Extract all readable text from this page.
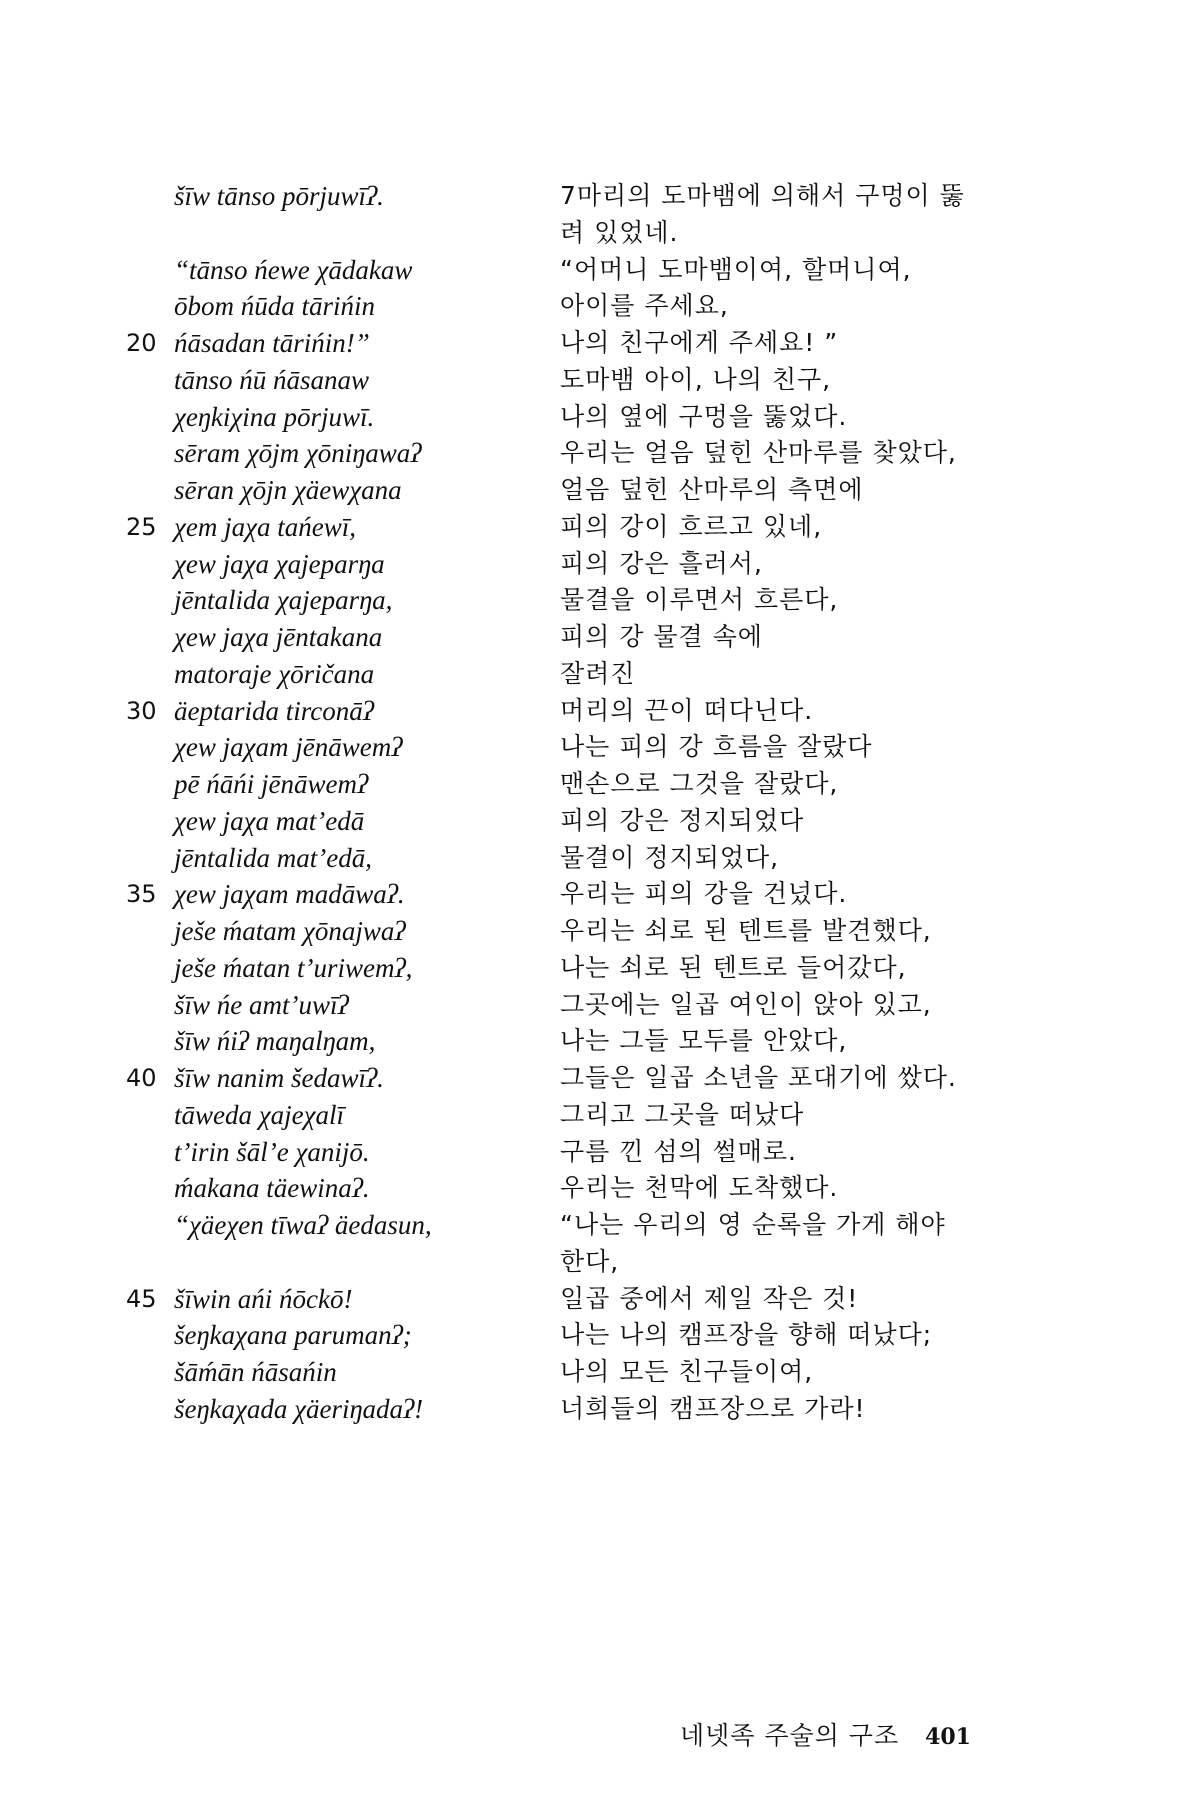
šīw tānso pōrjuwīʔ.	7마리의 도마뱀에 의해서 구멍이 뚫
려 있었네.
“tānso ńewe χādakaw	“어머니 도마뱀이여, 할머니여,
ōbom ńūda tārińin	아이를 주세요,
20 ńāsadan tārińin!”	나의 친구에게 주세요! ”
tānso ńū ńāsanaw	도마뱀 아이, 나의 친구,
χeŋkiχina pōrjuwī.	나의 옆에 구멍을 뚫었다.
sēram χōjm χōniŋawaʔ	우리는 얼음 덮힌 산마루를 찾았다,
sēran χōjn χäewχana	얼음 덮힌 산마루의 측면에
25 χem jaχa tańewī,	피의 강이 흐르고 있네,
χew jaχa χajeparŋa	피의 강은 흘러서,
jēntalida χajeparŋa,	물결을 이루면서 흐른다,
χew jaχa jēntakana	피의 강 물결 속에
matoraje χōričana	잘려진
30 äeptarida tirconāʔ	머리의 끈이 떠다닌다.
χew jaχam jēnāwemʔ	나는 피의 강 흐름을 잘랐다
pē ńāńi jēnāwemʔ	맨손으로 그것을 잘랐다,
χew jaχa mat’edā	피의 강은 정지되었다
jēntalida mat’edā,	물결이 정지되었다,
35 χew jaχam madāwaʔ.	우리는 피의 강을 건넜다.
ješe ḿatam χōnajwaʔ	우리는 쇠로 된 텐트를 발견했다,
ješe ḿatan t’uriwemʔ,	나는 쇠로 된 텐트로 들어갔다,
šīw ńe amt’uwīʔ	그곳에는 일곱 여인이 앉아 있고,
šīw ńiʔ maŋalŋam,	나는 그들 모두를 안았다,
40 šīw nanim šedawīʔ.	그들은 일곱 소년을 포대기에 쌌다.
tāweda χajeχalī	그리고 그곳을 떠났다
t’irin šāl’e χanijō.	구름 낀 섬의 썰매로.
ḿakana täewinaʔ.	우리는 천막에 도착했다.
“χäeχen tīwaʔ äedasun,	“나는 우리의 영 순록을 가게 해야
한다,
45 šīwin ańi ńōckō!	일곱 중에서 제일 작은 것!
šeŋkaχana parumanʔ;	나는 나의 캠프장을 향해 떠났다;
šāḿān ńāsańin	나의 모든 친구들이여,
šeŋkaχada χäeriŋadaʔ!	너희들의 캠프장으로 가라!
네넷족 주술의 구조 401
